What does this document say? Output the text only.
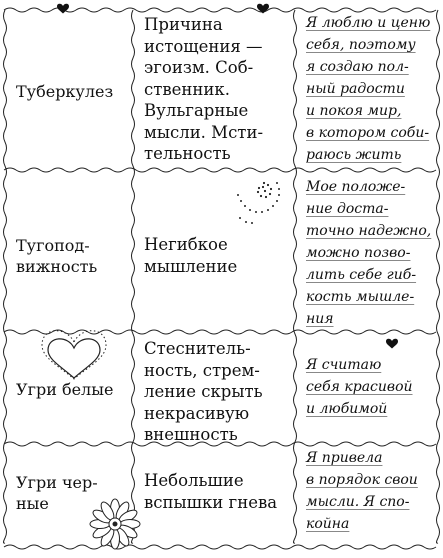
Туберкулез
Причина
истощения —
эгоизм. Соб-
ственник.
Вульгарные
мысли. Мсти-
тельность
Я люблю и ценю
себя, поэтому
я создаю пол-
ный радости
и покоя мир,
в котором соби-
раюсь жить
Тугопод-
вижность
Негибкое
мышление
Мое положе-
ние доста-
точно надежно,
можно позво-
лить себе гиб-
кость мышле-
ния
Угри белые
Стеснитель-
ность, стрем-
ление скрыть
некрасивую
внешность
Я считаю
себя красивой
и любимой
Угри чер-
ные
Небольшие
вспышки гнева
Я привела
в порядок свои
мысли. Я спо-
койна
